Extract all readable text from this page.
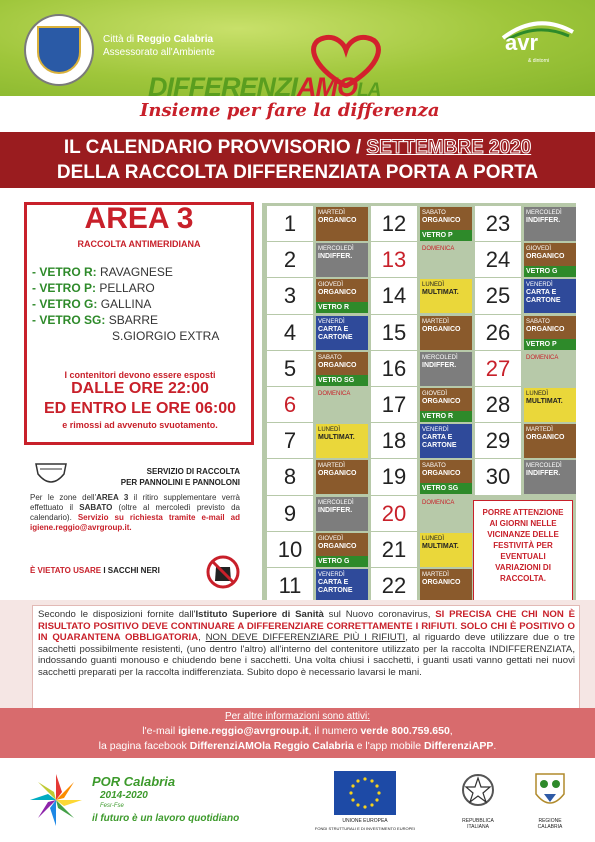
Città di Reggio Calabria
Assessorato all'Ambiente	avr
& dintorni
DIFFERENZIAMOLA
Insieme per fare la differenza
IL CALENDARIO PROVVISORIO / SETTEMBRE 2020
DELLA RACCOLTA DIFFERENZIATA PORTA A PORTA
AREA 3
RACCOLTA ANTIMERIDIANA
- VETRO R: RAVAGNESE
- VETRO P: PELLARO
- VETRO G: GALLINA
- VETRO SG: SBARRE
S.GIORGIO EXTRA
I contenitori devono essere esposti
DALLE ORE 22:00
ED ENTRO LE ORE 06:00
e rimossi ad avvenuto svuotamento.
SERVIZIO DI RACCOLTA
PER PANNOLINI E PANNOLONI
Per le zone dell'AREA 3 il ritiro supplementare verrà effettuato il SABATO (oltre al mercoledì previsto da calendario). Servizio su richiesta tramite e-mail ad igiene.reggio@avrgroup.it.
È VIETATO USARE I SACCHI NERI
1	MARTEDÌ
ORGANICO
2	MERCOLEDÌ
INDIFFER.
3	GIOVEDÌ
ORGANICO
VETRO R
4	VENERDÌ
CARTA E CARTONE
5	SABATO
ORGANICO
VETRO SG
6	DOMENICA
7	LUNEDÌ
MULTIMAT.
8	MARTEDÌ
ORGANICO
9	MERCOLEDÌ
INDIFFER.
10	GIOVEDÌ
ORGANICO
VETRO G
11	VENERDÌ
CARTA E CARTONE
12	SABATO
ORGANICO
VETRO P
13	DOMENICA
14	LUNEDÌ
MULTIMAT.
15	MARTEDÌ
ORGANICO
16	MERCOLEDÌ
INDIFFER.
17	GIOVEDÌ
ORGANICO
VETRO R
18	VENERDÌ
CARTA E CARTONE
19	SABATO
ORGANICO
VETRO SG
20	DOMENICA
21	LUNEDÌ
MULTIMAT.
22	MARTEDÌ
ORGANICO
23	MERCOLEDÌ
INDIFFER.
24	GIOVEDÌ
ORGANICO
VETRO G
25	VENERDÌ
CARTA E CARTONE
26	SABATO
ORGANICO
VETRO P
27	DOMENICA
28	LUNEDÌ
MULTIMAT.
29	MARTEDÌ
ORGANICO
30	MERCOLEDÌ
INDIFFER.
PORRE ATTENZIONE AI GIORNI NELLE VICINANZE DELLE FESTIVITÀ PER EVENTUALI VARIAZIONI DI RACCOLTA.
Secondo le disposizioni fornite dall'Istituto Superiore di Sanità sul Nuovo coronavirus, SI PRECISA CHE CHI NON È RISULTATO POSITIVO DEVE CONTINUARE A DIFFERENZIARE CORRETTAMENTE I RIFIUTI. SOLO CHI È POSITIVO O IN QUARANTENA OBBLIGATORIA, NON DEVE DIFFERENZIARE PIÙ I RIFIUTI, al riguardo deve utilizzare due o tre sacchetti possibilmente resistenti, (uno dentro l'altro) all'interno del contenitore utilizzato per la raccolta INDIFFERENZIATA, indossando guanti monouso e chiudendo bene i sacchetti. Una volta chiusi i sacchetti, i guanti usati vanno gettati nei nuovi sacchetti preparati per la raccolta indifferenziata. Subito dopo è necessario lavarsi le mani.
Per altre informazioni sono attivi:
l'e-mail igiene.reggio@avrgroup.it, il numero verde 800.759.650,
la pagina facebook DifferenziAMOla Reggio Calabria e l'app mobile DifferenziAPP.
POR Calabria
2014-2020
Fesr-Fse
il futuro è un lavoro quotidiano	UNIONE EUROPEA
FONDI STRUTTURALI E DI INVESTIMENTO EUROPEI
REPUBBLICA
ITALIANA
REGIONE
CALABRIA
